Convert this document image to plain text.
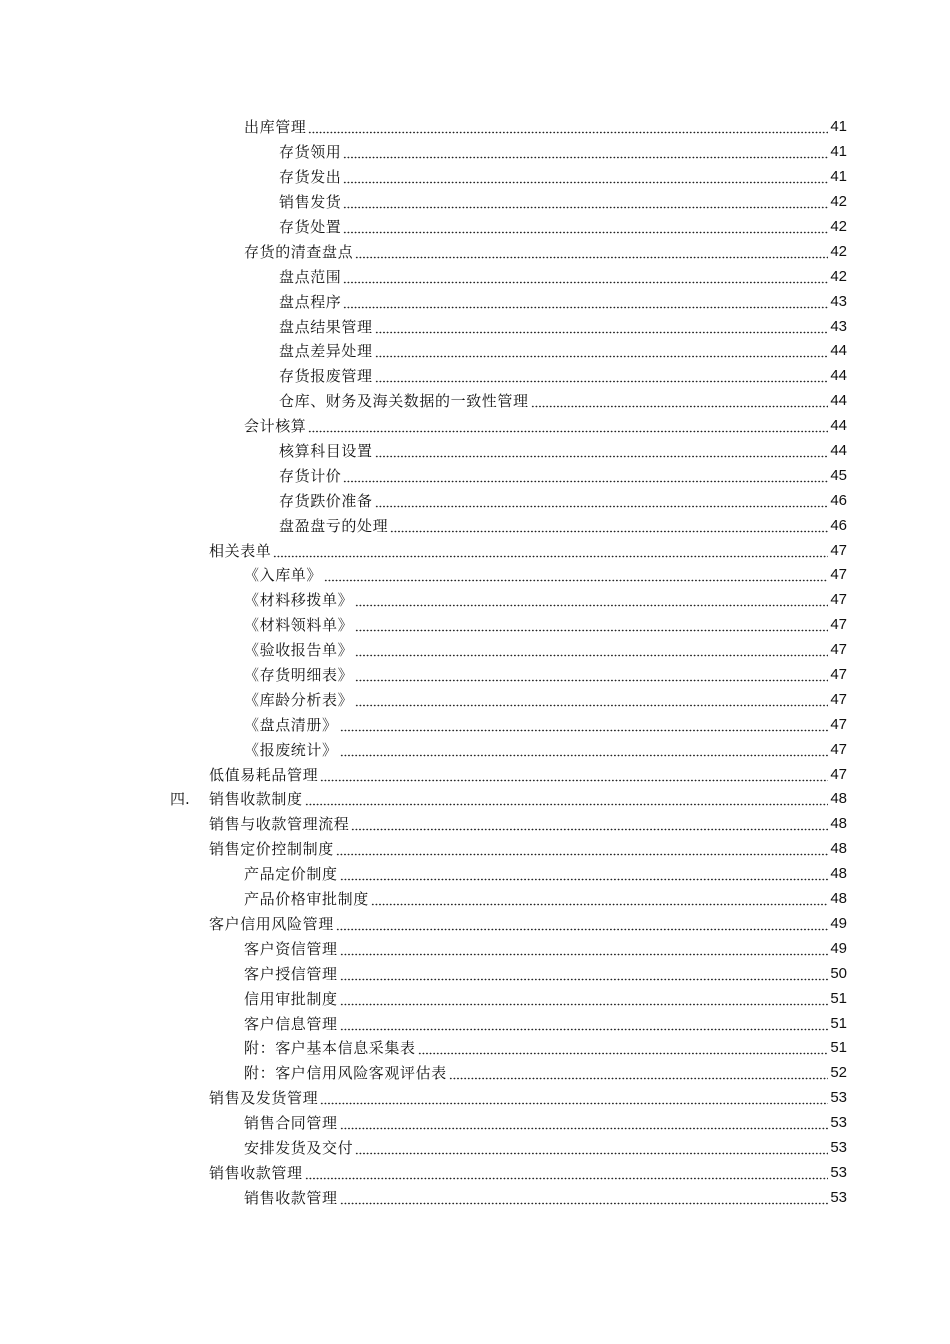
出库管理	41
存货领用	41
存货发出	41
销售发货	42
存货处置	42
存货的清查盘点	42
盘点范围	42
盘点程序	43
盘点结果管理	43
盘点差异处理	44
存货报废管理	44
仓库、财务及海关数据的一致性管理	44
会计核算	44
核算科目设置	44
存货计价	45
存货跌价准备	46
盘盈盘亏的处理	46
相关表单	47
《入库单》	47
《材料移拨单》	47
《材料领料单》	47
《验收报告单》	47
《存货明细表》	47
《库龄分析表》	47
《盘点清册》	47
《报废统计》	47
低值易耗品管理	47
四. 销售收款制度	48
销售与收款管理流程	48
销售定价控制制度	48
产品定价制度	48
产品价格审批制度	48
客户信用风险管理	49
客户资信管理	49
客户授信管理	50
信用审批制度	51
客户信息管理	51
附：客户基本信息采集表	51
附：客户信用风险客观评估表	52
销售及发货管理	53
销售合同管理	53
安排发货及交付	53
销售收款管理	53
销售收款管理	53
